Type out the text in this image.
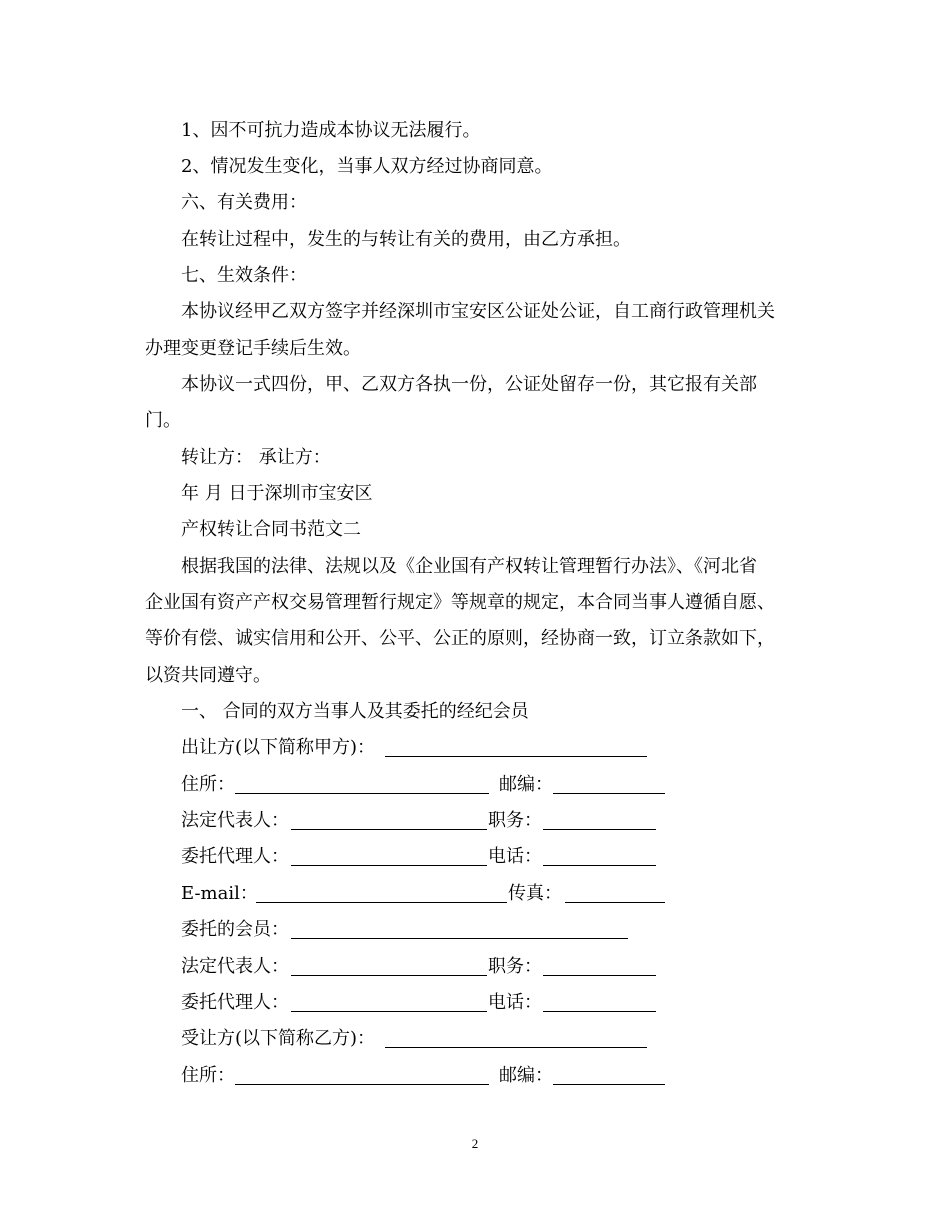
1、因不可抗力造成本协议无法履行。
2、情况发生变化，当事人双方经过协商同意。
六、有关费用：
在转让过程中，发生的与转让有关的费用，由乙方承担。
七、生效条件：
本协议经甲乙双方签字并经深圳市宝安区公证处公证，自工商行政管理机关
办理变更登记手续后生效。
本协议一式四份，甲、乙双方各执一份，公证处留存一份，其它报有关部
门。
转让方： 承让方：
年 月 日于深圳市宝安区
产权转让合同书范文二
根据我国的法律、法规以及《企业国有产权转让管理暂行办法》、《河北省
企业国有资产产权交易管理暂行规定》等规章的规定，本合同当事人遵循自愿、
等价有偿、诚实信用和公开、公平、公正的原则，经协商一致，订立条款如下，
以资共同遵守。
一、 合同的双方当事人及其委托的经纪会员
出让方(以下简称甲方)：
住所：	邮编：
法定代表人：	职务：
委托代理人：	电话：
E-mail：	传真：
委托的会员：
法定代表人：	职务：
委托代理人：	电话：
受让方(以下简称乙方)：
住所：	邮编：
2
